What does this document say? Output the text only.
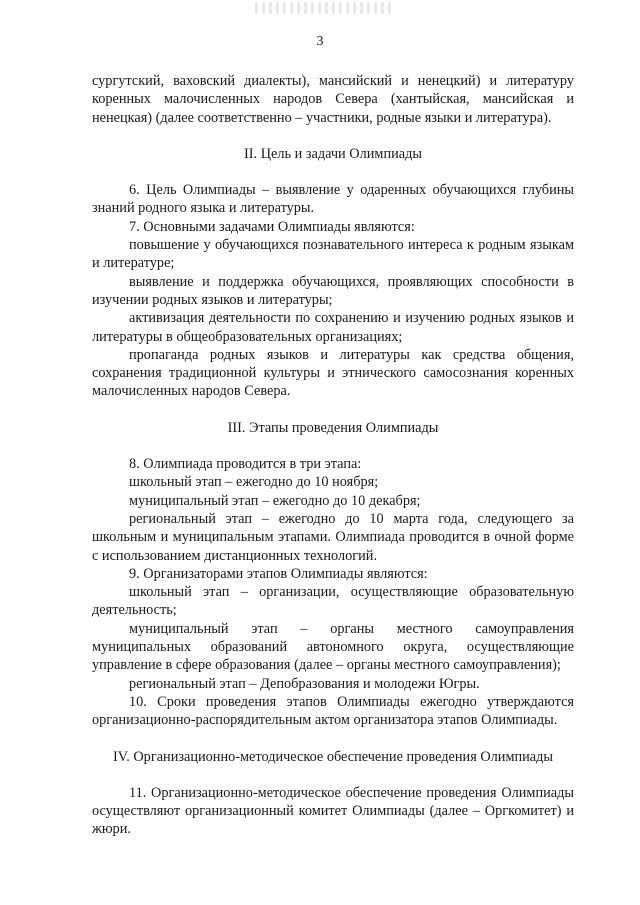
3

сургутский, ваховский диалекты), мансийский и ненецкий) и литературу коренных малочисленных народов Севера (хантыйская, мансийская и ненецкая) (далее соответственно – участники, родные языки и литература).

II. Цель и задачи Олимпиады

6. Цель Олимпиады – выявление у одаренных обучающихся глубины знаний родного языка и литературы.

7. Основными задачами Олимпиады являются:

повышение у обучающихся познавательного интереса к родным языкам и литературе;

выявление и поддержка обучающихся, проявляющих способности в изучении родных языков и литературы;

активизация деятельности по сохранению и изучению родных языков и литературы в общеобразовательных организациях;

пропаганда родных языков и литературы как средства общения, сохранения традиционной культуры и этнического самосознания коренных малочисленных народов Севера.

III. Этапы проведения Олимпиады

8. Олимпиада проводится в три этапа:

школьный этап – ежегодно до 10 ноября;

муниципальный этап – ежегодно до 10 декабря;

региональный этап – ежегодно до 10 марта года, следующего за школьным и муниципальным этапами. Олимпиада проводится в очной форме с использованием дистанционных технологий.

9. Организаторами этапов Олимпиады являются:

школьный этап – организации, осуществляющие образовательную деятельность;

муниципальный этап – органы местного самоуправления муниципальных образований автономного округа, осуществляющие управление в сфере образования (далее – органы местного самоуправления);

региональный этап – Депобразования и молодежи Югры.

10. Сроки проведения этапов Олимпиады ежегодно утверждаются организационно-распорядительным актом организатора этапов Олимпиады.

IV. Организационно-методическое обеспечение проведения Олимпиады

11. Организационно-методическое обеспечение проведения Олимпиады осуществляют организационный комитет Олимпиады (далее – Оргкомитет) и жюри.
